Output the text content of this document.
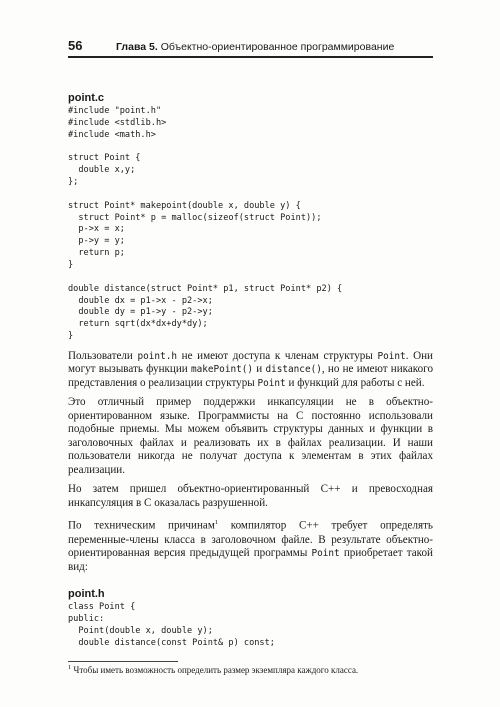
56	Глава 5. Объектно-ориентированное программирование
point.c
#include "point.h"
#include <stdlib.h>
#include <math.h>

struct Point {
double x,y;
};

struct Point* makepoint(double x, double y) {
struct Point* p = malloc(sizeof(struct Point));
p->x = x;
p->y = y;
return p;
}

double distance(struct Point* p1, struct Point* p2) {
double dx = p1->x - p2->x;
double dy = p1->y - p2->y;
return sqrt(dx*dx+dy*dy);
}

Пользователи point.h не имеют доступа к членам структуры Point. Они могут вызывать функции makePoint() и distance(), но не имеют никакого представления о реализации структуры Point и функций для работы с ней.

Это отличный пример поддержки инкапсуляции не в объектно-ориентированном языке. Программисты на С постоянно использовали подобные приемы. Мы можем объявить структуры данных и функции в заголовочных файлах и реализовать их в файлах реализации. И наши пользователи никогда не получат доступа к элементам в этих файлах реализации.

Но затем пришел объектно-ориентированный С++ и превосходная инкапсуляция в С оказалась разрушенной.

По техническим причинам$^1$ компилятор С++ требует определять переменные-члены класса в заголовочном файле. В результате объектно-ориентированная версия предыдущей программы Point приобретает такой вид:

point.h
class Point {
public:
Point(double x, double y);
double distance(const Point& p) const;
$^1$ Чтобы иметь возможность определить размер экземпляра каждого класса.
